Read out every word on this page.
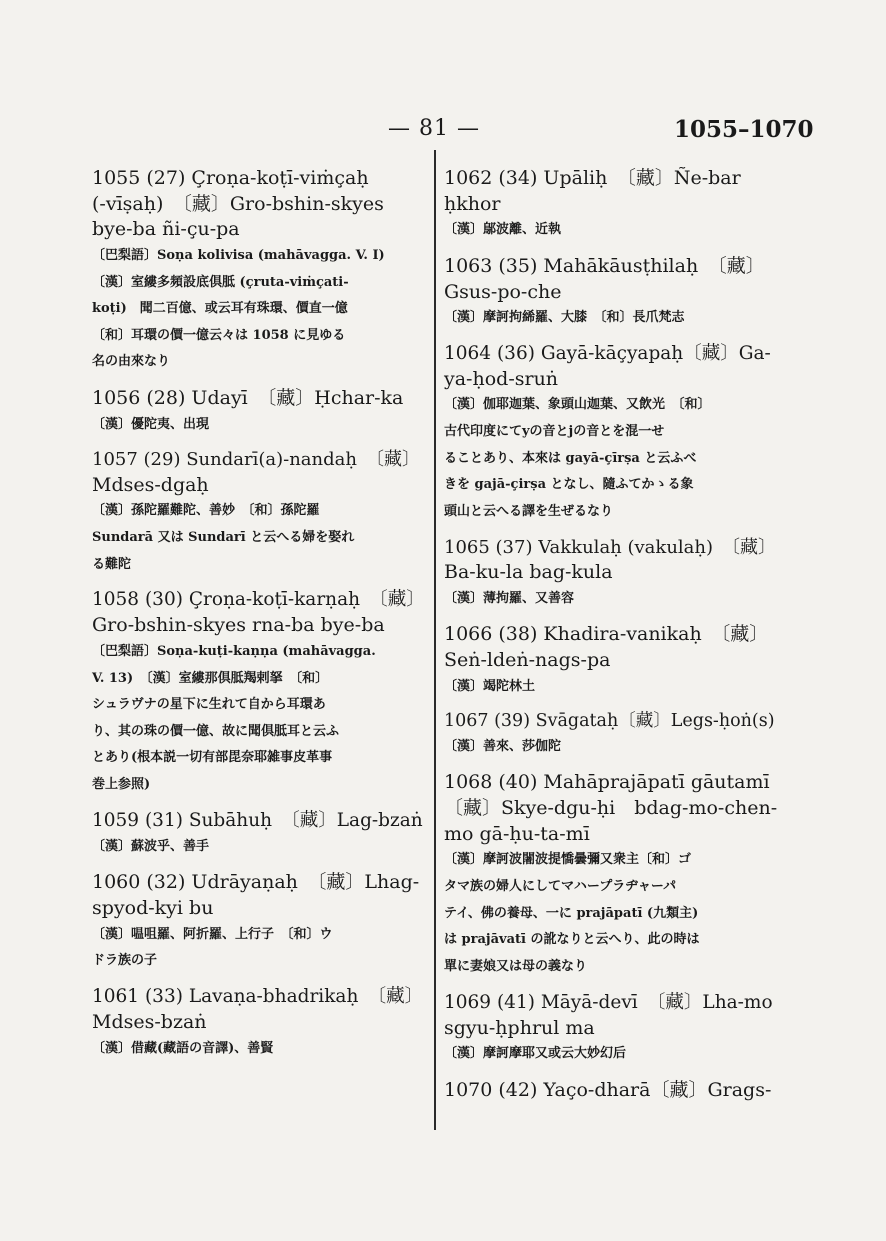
— 81 —	1055–1070
1055 (27) Çroṇa-koṭī-viṁçaḥ
(-vīṣaḥ)　〔藏〕Gro-bshin-skyes
bye-ba ñi-çu-pa
〔巴梨語〕Soṇa kolivisa (mahāvagga. V. I)
〔漢〕室縷多頻設底倶胝 (çruta-viṁçati-
koṭi)　聞二百億、或云耳有珠環、價直一億
〔和〕耳環の價一億云々は 1058 に見ゆる
名の由來なり
1056 (28) Udayī　〔藏〕Ḥchar-ka
〔漢〕優陀夷、出現
1057 (29) Sundarī(a)-nandaḥ　〔藏〕
Mdses-dgaḥ
〔漢〕孫陀羅難陀、善妙　〔和〕孫陀羅
Sundarā 又は Sundarī と云へる婦を娶れ
る難陀
1058 (30) Çroṇa-koṭī-karṇaḥ　〔藏〕
Gro-bshin-skyes rna-ba bye-ba
〔巴梨語〕Soṇa-kuṭi-kaṇṇa (mahāvagga.
V. 13)　〔漢〕室縷那倶胝羯剌拏　〔和〕
シュラヴナの星下に生れて自から耳環あ
り、其の珠の價一億、故に聞倶胝耳と云ふ
とあり(根本説一切有部毘奈耶雑事皮革事
巻上参照)
1059 (31) Subāhuḥ　〔藏〕Lag-bzaṅ
〔漢〕蘇波乎、善手
1060 (32) Udrāyaṇaḥ　〔藏〕Lhag-
spyod-kyi bu
〔漢〕嗢咀羅、阿折羅、上行子　〔和〕ウ
ドラ族の子
1061 (33) Lavaṇa-bhadrikaḥ　〔藏〕
Mdses-bzaṅ
〔漢〕借藏(藏語の音譯)、善賢
1062 (34) Upāliḥ　〔藏〕Ñe-bar
ḥkhor
〔漢〕鄔波離、近執
1063 (35) Mahākāusṭhilaḥ　〔藏〕
Gsus-po-che
〔漢〕摩訶拘絺羅、大膝　〔和〕長爪梵志
1064 (36) Gayā-kāçyapaḥ〔藏〕Ga-
ya-ḥod-sruṅ
〔漢〕伽耶迦葉、象頭山迦葉、又飲光　〔和〕
古代印度にてyの音とjの音とを混一せ
ることあり、本來は gayā-çīrṣa と云ふべ
きを gajā-çirṣa となし、隨ふてかゝる象
頭山と云へる譯を生ぜるなり
1065 (37) Vakkulaḥ (vakulaḥ)　〔藏〕
Ba-ku-la bag-kula
〔漢〕薄拘羅、又善容
1066 (38) Khadira-vanikaḥ　〔藏〕
Seṅ-ldeṅ-nags-pa
〔漢〕竭陀林土
1067 (39) Svāgataḥ〔藏〕Legs-ḥoṅ(s)
〔漢〕善來、莎伽陀
1068 (40) Mahāprajāpatī gāutamī
〔藏〕Skye-dgu-ḥi　bdag-mo-chen-
mo gā-ḥu-ta-mī
〔漢〕摩訶波闍波提憍曇彌又衆主〔和〕ゴ
タマ族の婦人にしてマハープラヂャーパ
テイ、佛の養母、一に prajāpatī (九類主)
は prajāvatī の訛なりと云へり、此の時は
單に妻娘又は母の義なり
1069 (41) Māyā-devī　〔藏〕Lha-mo
sgyu-ḥphrul ma
〔漢〕摩訶摩耶又或云大妙幻后
1070 (42) Yaço-dharā〔藏〕Grags-
